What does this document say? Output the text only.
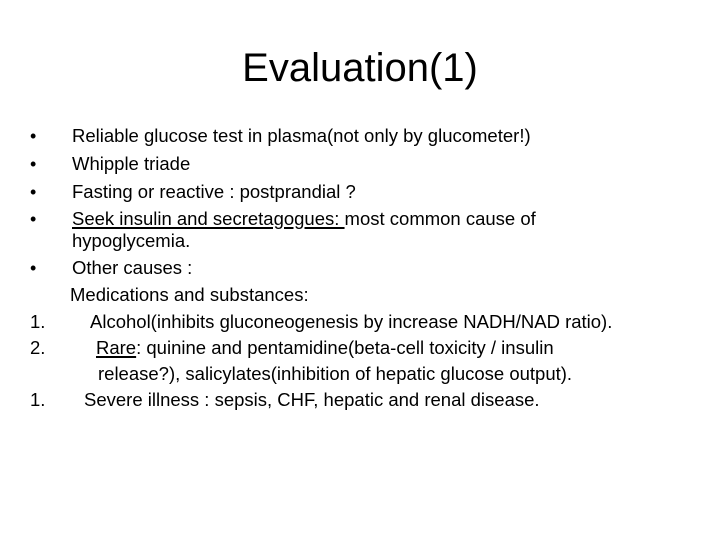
Evaluation(1)
• Reliable glucose test in plasma(not only by glucometer!)
• Whipple triade
• Fasting or reactive : postprandial ?
• Seek insulin and secretagogues: most common cause of
hypoglycemia.
• Other causes :
Medications and substances:
1. Alcohol(inhibits gluconeogenesis by increase NADH/NAD ratio).
2.	Rare: quinine and pentamidine(beta-cell toxicity / insulin
release?), salicylates(inhibition of hepatic glucose output).
1. Severe illness : sepsis, CHF, hepatic and renal disease.
